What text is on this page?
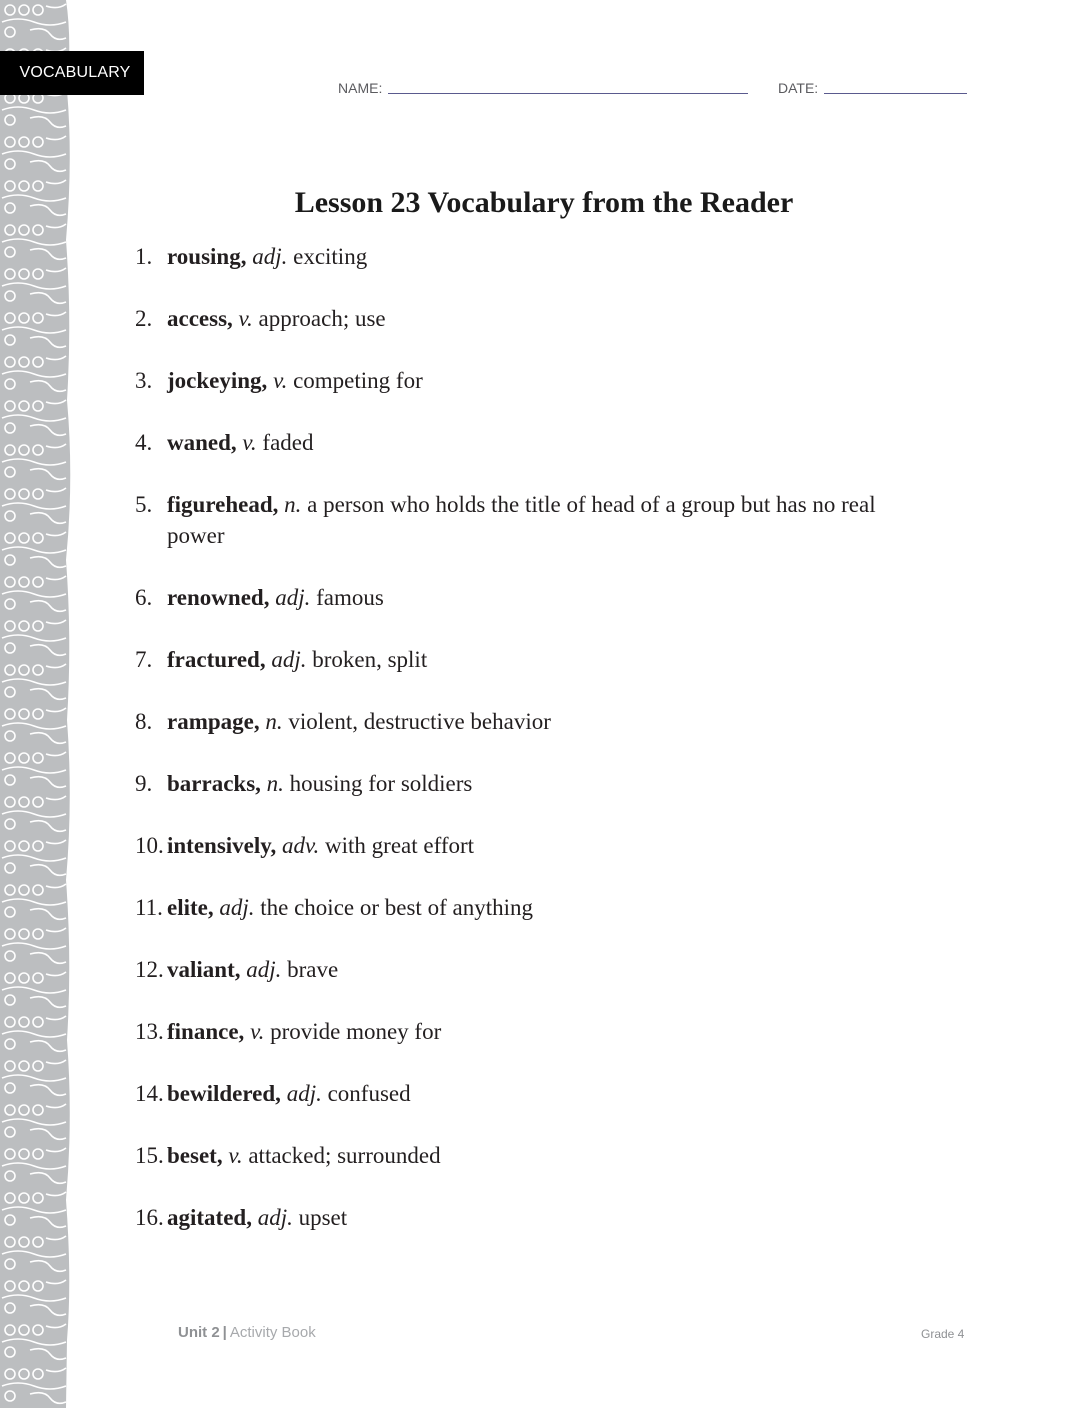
VOCABULARY
NAME:	DATE:
Lesson 23 Vocabulary from the Reader
1. rousing, adj. exciting
2. access, v. approach; use
3. jockeying, v. competing for
4. waned, v. faded
5. figurehead, n. a person who holds the title of head of a group but has no real power
6. renowned, adj. famous
7. fractured, adj. broken, split
8. rampage, n. violent, destructive behavior
9. barracks, n. housing for soldiers
10. intensively, adv. with great effort
11. elite, adj. the choice or best of anything
12. valiant, adj. brave
13. finance, v. provide money for
14. bewildered, adj. confused
15. beset, v. attacked; surrounded
16. agitated, adj. upset
Unit 2 | Activity Book	Grade 4
